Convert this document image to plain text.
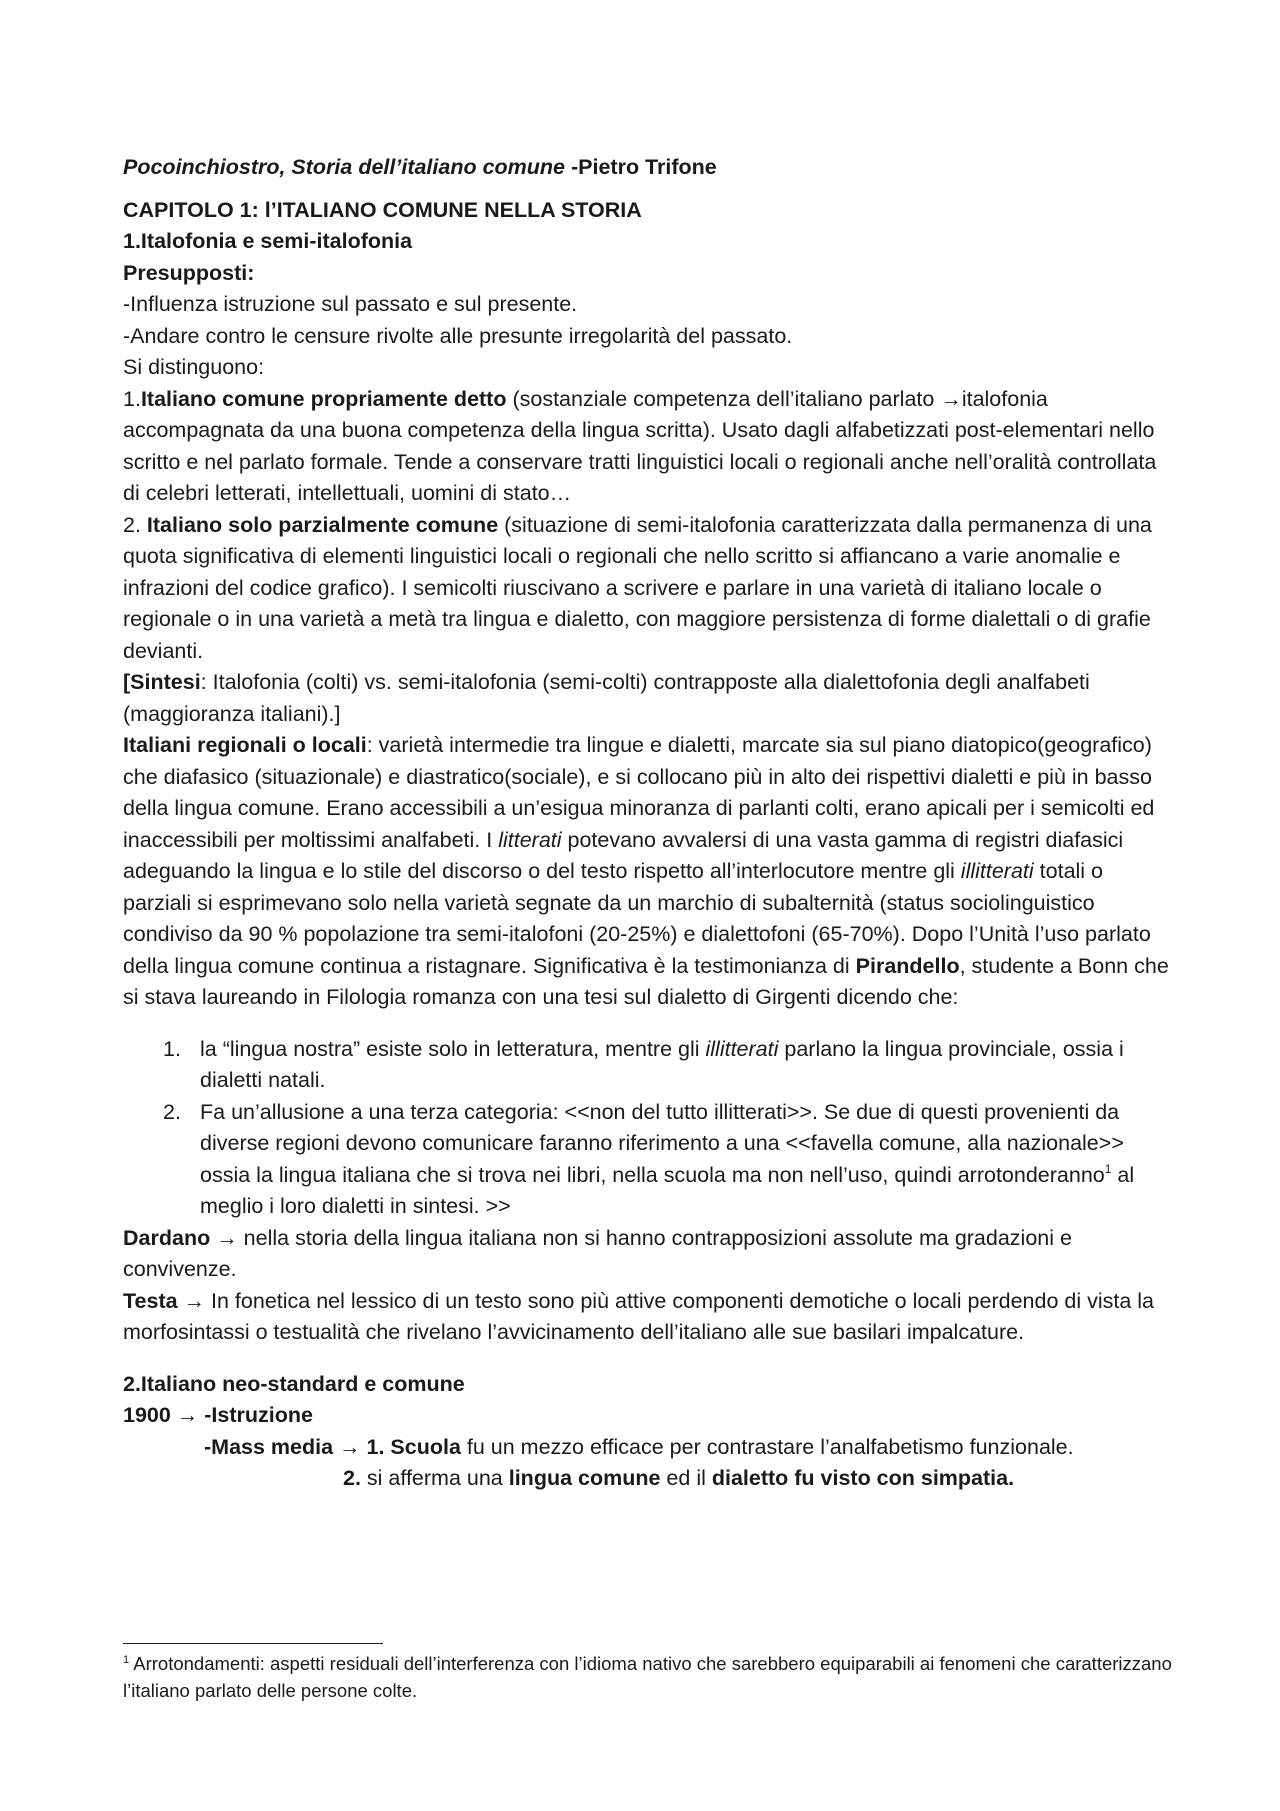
Pocoinchiostro, Storia dell’italiano comune -Pietro Trifone

CAPITOLO 1: l’ITALIANO COMUNE NELLA STORIA

1.Italofonia e semi-italofonia

Presupposti:

-Influenza istruzione sul passato e sul presente.

-Andare contro le censure rivolte alle presunte irregolarità del passato.

Si distinguono:

1.Italiano comune propriamente detto (sostanziale competenza dell’italiano parlato →italofonia accompagnata da una buona competenza della lingua scritta). Usato dagli alfabetizzati post-elementari nello scritto e nel parlato formale. Tende a conservare tratti linguistici locali o regionali anche nell’oralità controllata di celebri letterati, intellettuali, uomini di stato…

2. Italiano solo parzialmente comune (situazione di semi-italofonia caratterizzata dalla permanenza di una quota significativa di elementi linguistici locali o regionali che nello scritto si affiancano a varie anomalie e infrazioni del codice grafico). I semicolti riuscivano a scrivere e parlare in una varietà di italiano locale o regionale o in una varietà a metà tra lingua e dialetto, con maggiore persistenza di forme dialettali o di grafie devianti.

[Sintesi: Italofonia (colti) vs. semi-italofonia (semi-colti) contrapposte alla dialettofonia degli analfabeti (maggioranza italiani).]

Italiani regionali o locali: varietà intermedie tra lingue e dialetti, marcate sia sul piano diatopico(geografico) che diafasico (situazionale) e diastratico(sociale), e si collocano più in alto dei rispettivi dialetti e più in basso della lingua comune. Erano accessibili a un’esigua minoranza di parlanti colti, erano apicali per i semicolti ed inaccessibili per moltissimi analfabeti. I litterati potevano avvalersi di una vasta gamma di registri diafasici adeguando la lingua e lo stile del discorso o del testo rispetto all’interlocutore mentre gli illitterati totali o parziali si esprimevano solo nella varietà segnate da un marchio di subalternità (status sociolinguistico condiviso da 90 % popolazione tra semi-italofoni (20-25%) e dialettofoni (65-70%). Dopo l’Unità l’uso parlato della lingua comune continua a ristagnare. Significativa è la testimonianza di Pirandello, studente a Bonn che si stava laureando in Filologia romanza con una tesi sul dialetto di Girgenti dicendo che:

1. la “lingua nostra” esiste solo in letteratura, mentre gli illitterati parlano la lingua provinciale, ossia i dialetti natali.
2. Fa un’allusione a una terza categoria: <<non del tutto illitterati>>. Se due di questi provenienti da diverse regioni devono comunicare faranno riferimento a una <<favella comune, alla nazionale>> ossia la lingua italiana che si trova nei libri, nella scuola ma non nell’uso, quindi arrotonderanno$^1$ al meglio i loro dialetti in sintesi. >>

Dardano → nella storia della lingua italiana non si hanno contrapposizioni assolute ma gradazioni e convivenze.

Testa → In fonetica nel lessico di un testo sono più attive componenti demotiche o locali perdendo di vista la morfosintassi o testualità che rivelano l’avvicinamento dell’italiano alle sue basilari impalcature.

2.Italiano neo-standard e comune

1900 → -Istruzione

-Mass media → 1. Scuola fu un mezzo efficace per contrastare l’analfabetismo funzionale.

2. si afferma una lingua comune ed il dialetto fu visto con simpatia.

$^1$ Arrotondamenti: aspetti residuali dell’interferenza con l’idioma nativo che sarebbero equiparabili ai fenomeni che caratterizzano l’italiano parlato delle persone colte.
